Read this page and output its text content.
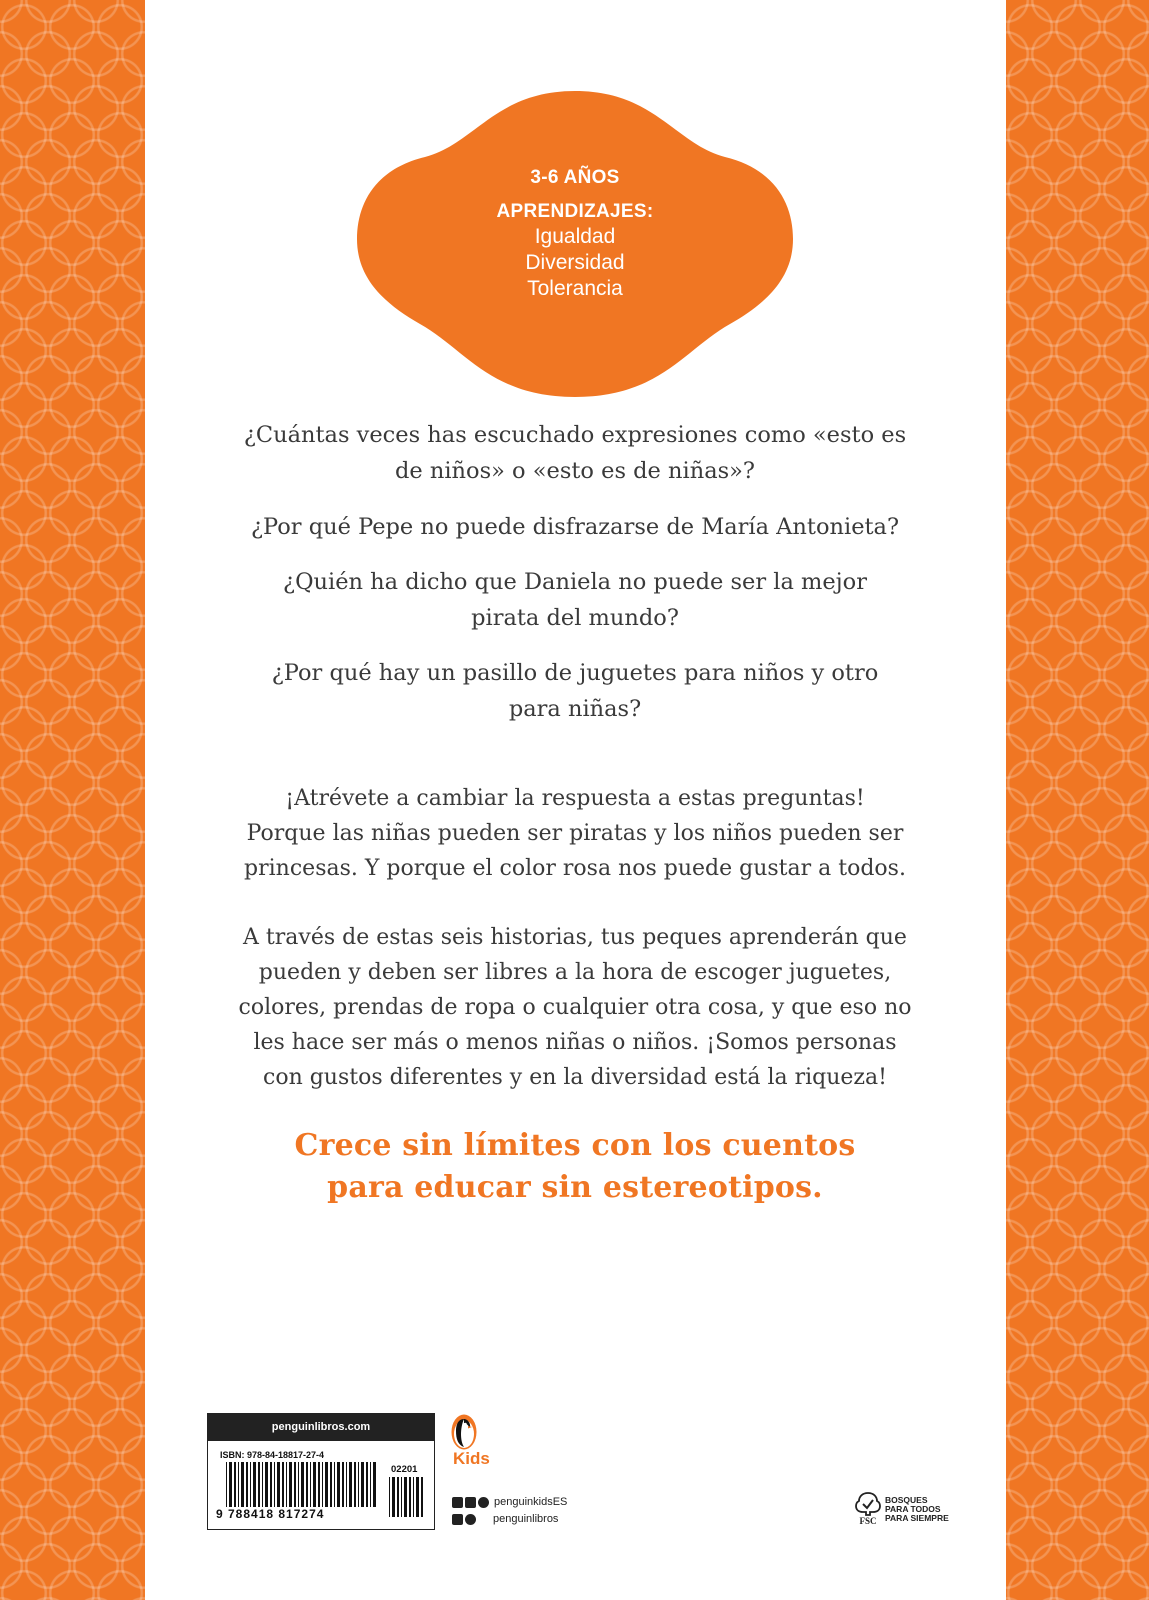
3-6 AÑOS
APRENDIZAJES:
Igualdad
Diversidad
Tolerancia

¿Cuántas veces has escuchado expresiones como «esto es
de niños» o «esto es de niñas»?

¿Por qué Pepe no puede disfrazarse de María Antonieta?

¿Quién ha dicho que Daniela no puede ser la mejor
pirata del mundo?

¿Por qué hay un pasillo de juguetes para niños y otro
para niñas?

¡Atrévete a cambiar la respuesta a estas preguntas!
Porque las niñas pueden ser piratas y los niños pueden ser
princesas. Y porque el color rosa nos puede gustar a todos.

A través de estas seis historias, tus peques aprenderán que
pueden y deben ser libres a la hora de escoger juguetes,
colores, prendas de ropa o cualquier otra cosa, y que eso no
les hace ser más o menos niñas o niños. ¡Somos personas
con gustos diferentes y en la diversidad está la riqueza!

Crece sin límites con los cuentos
para educar sin estereotipos.

penguinlibros.com
ISBN: 978-84-18817-27-4
02201
9 788418 817274
Kids
penguinkidsES
penguinlibros	FSC
BOSQUES
PARA TODOS
PARA SIEMPRE
